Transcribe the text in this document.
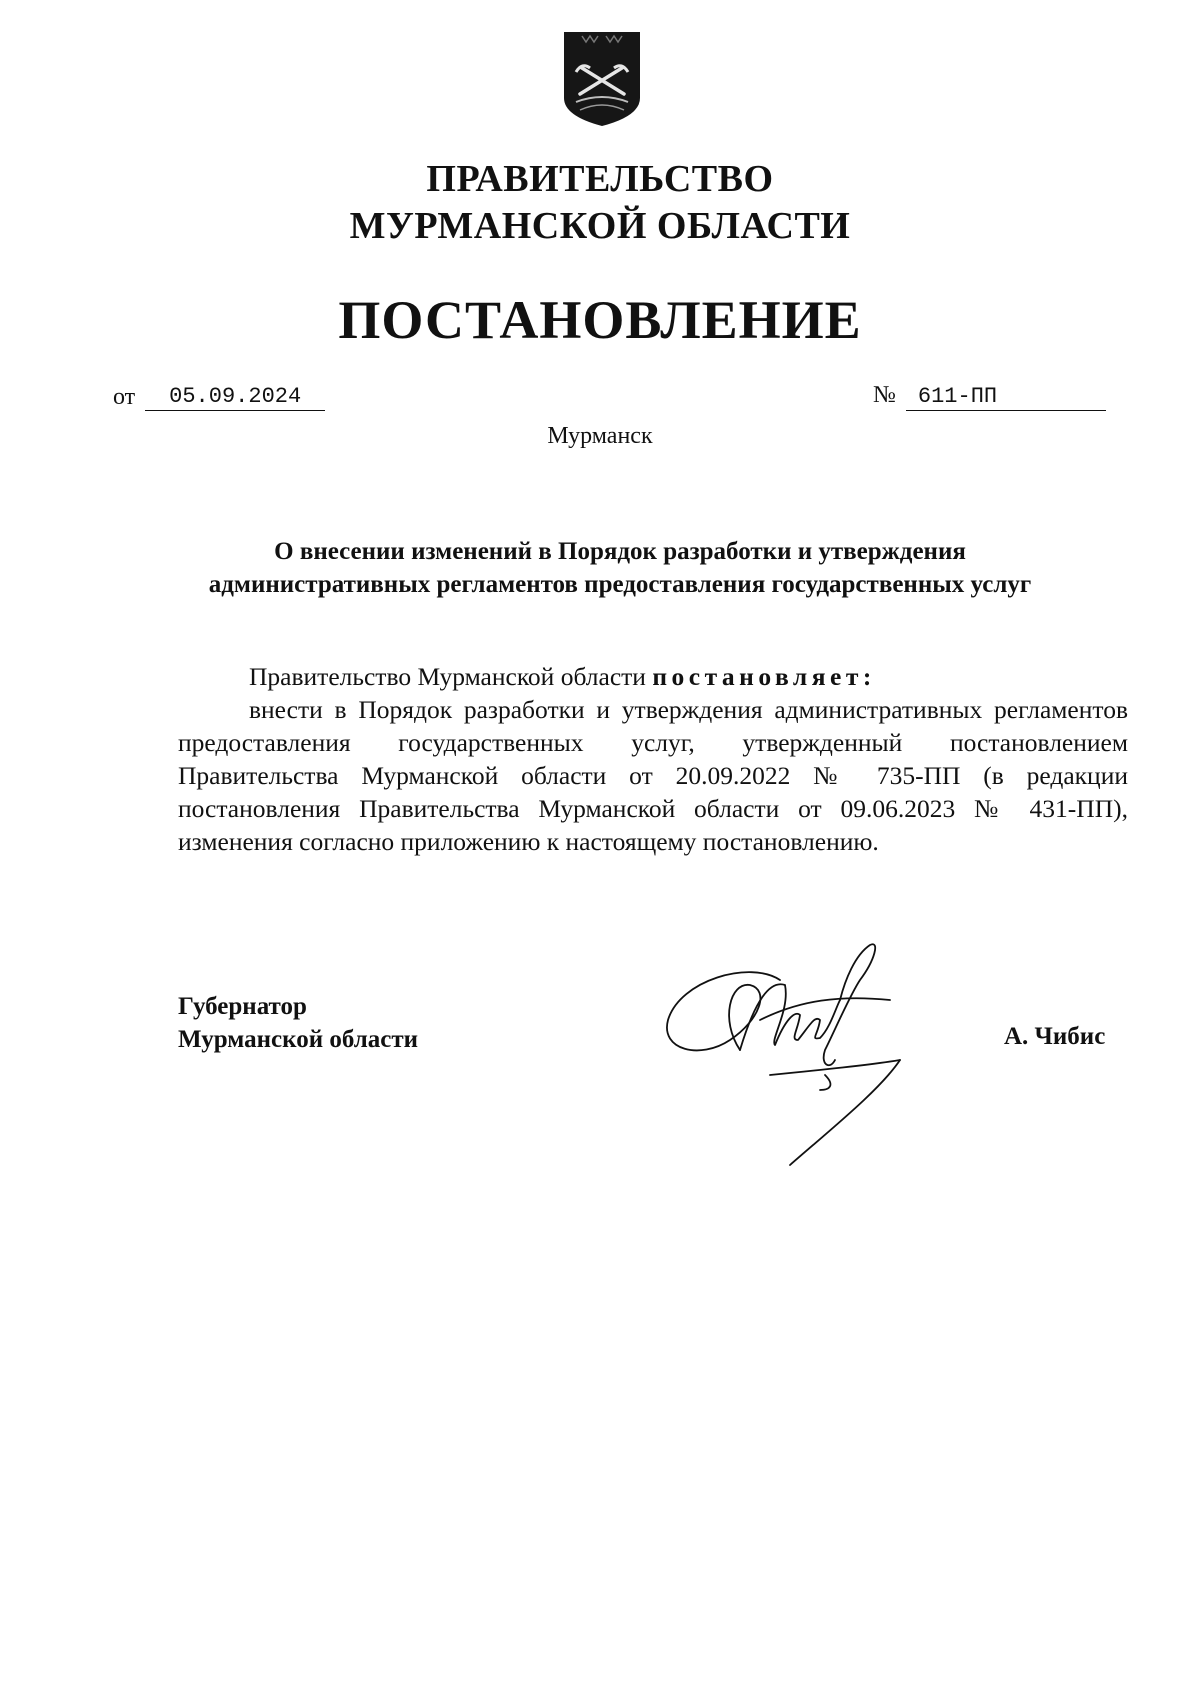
ПРАВИТЕЛЬСТВО
МУРМАНСКОЙ ОБЛАСТИ
ПОСТАНОВЛЕНИЕ
от 05.09.2024	№ 611-ПП
Мурманск
О внесении изменений в Порядок разработки и утверждения
административных регламентов предоставления государственных услуг

Правительство Мурманской области постановляет:

внести в Порядок разработки и утверждения административных регламентов предоставления государственных услуг, утвержденный постановлением Правительства Мурманской области от 20.09.2022 № 735-ПП (в редакции постановления Правительства Мурманской области от 09.06.2023 № 431-ПП), изменения согласно приложению к настоящему постановлению.

Губернатор
Мурманской области	А. Чибис
